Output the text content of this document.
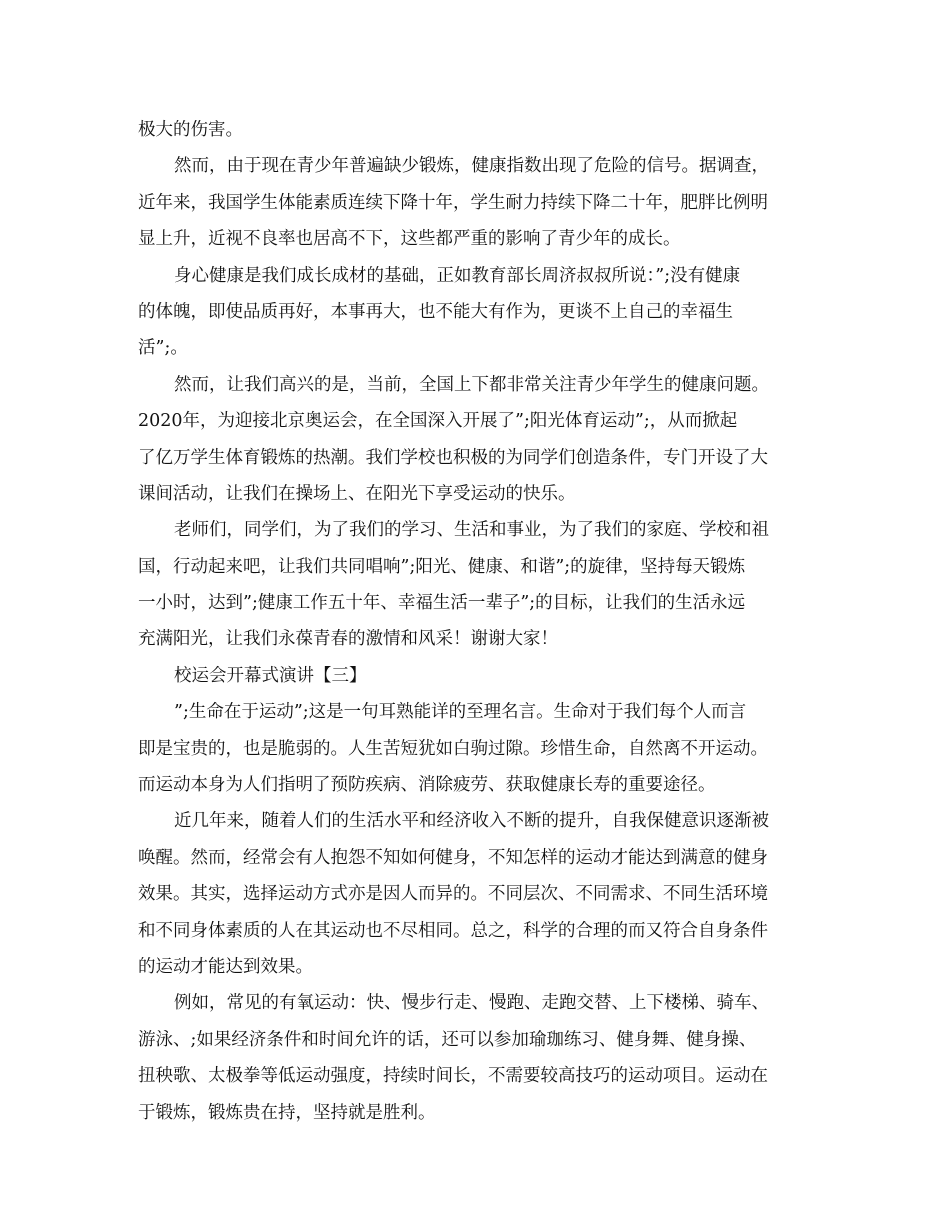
极大的伤害。
然而，由于现在青少年普遍缺少锻炼，健康指数出现了危险的信号。据调查，
近年来，我国学生体能素质连续下降十年，学生耐力持续下降二十年，肥胖比例明
显上升，近视不良率也居高不下，这些都严重的影响了青少年的成长。
身心健康是我们成长成材的基础，正如教育部长周济叔叔所说：”;没有健康
的体魄，即使品质再好，本事再大，也不能大有作为，更谈不上自己的幸福生
活”;。
然而，让我们高兴的是，当前，全国上下都非常关注青少年学生的健康问题。
2020年，为迎接北京奥运会，在全国深入开展了”;阳光体育运动”;，从而掀起
了亿万学生体育锻炼的热潮。我们学校也积极的为同学们创造条件，专门开设了大
课间活动，让我们在操场上、在阳光下享受运动的快乐。
老师们，同学们，为了我们的学习、生活和事业，为了我们的家庭、学校和祖
国，行动起来吧，让我们共同唱响”;阳光、健康、和谐”;的旋律，坚持每天锻炼
一小时，达到”;健康工作五十年、幸福生活一辈子”;的目标，让我们的生活永远
充满阳光，让我们永葆青春的激情和风采！谢谢大家！
校运会开幕式演讲【三】
”;生命在于运动”;这是一句耳熟能详的至理名言。生命对于我们每个人而言
即是宝贵的，也是脆弱的。人生苦短犹如白驹过隙。珍惜生命，自然离不开运动。
而运动本身为人们指明了预防疾病、消除疲劳、获取健康长寿的重要途径。
近几年来，随着人们的生活水平和经济收入不断的提升，自我保健意识逐渐被
唤醒。然而，经常会有人抱怨不知如何健身，不知怎样的运动才能达到满意的健身
效果。其实，选择运动方式亦是因人而异的。不同层次、不同需求、不同生活环境
和不同身体素质的人在其运动也不尽相同。总之，科学的合理的而又符合自身条件
的运动才能达到效果。
例如，常见的有氧运动：快、慢步行走、慢跑、走跑交替、上下楼梯、骑车、
游泳、;如果经济条件和时间允许的话，还可以参加瑜珈练习、健身舞、健身操、
扭秧歌、太极拳等低运动强度，持续时间长，不需要较高技巧的运动项目。运动在
于锻炼，锻炼贵在持，坚持就是胜利。
